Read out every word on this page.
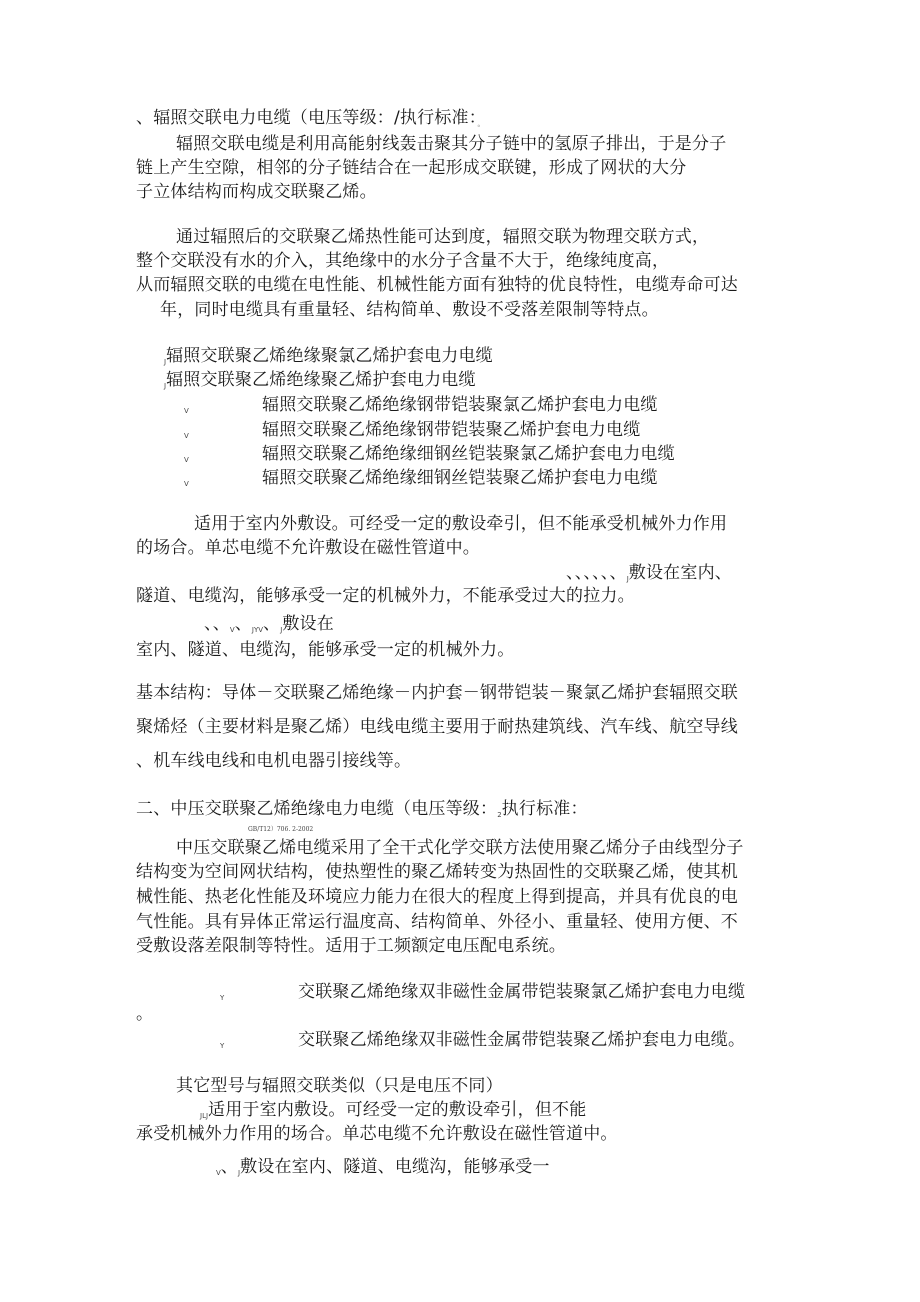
、辐照交联电力电缆（电压等级：/执行标准：。
辐照交联电缆是利用高能射线轰击聚其分子链中的氢原子排出，于是分子
链上产生空隙，相邻的分子链结合在一起形成交联键，形成了网状的大分
子立体结构而构成交联聚乙烯。
通过辐照后的交联聚乙烯热性能可达到度，辐照交联为物理交联方式，
整个交联没有水的介入，其绝缘中的水分子含量不大于，绝缘纯度高，
从而辐照交联的电缆在电性能、机械性能方面有独特的优良特性，电缆寿命可达
年，同时电缆具有重量轻、结构简单、敷设不受落差限制等特点。
J辐照交联聚乙烯绝缘聚氯乙烯护套电力电缆
J辐照交联聚乙烯绝缘聚乙烯护套电力电缆
V	辐照交联聚乙烯绝缘钢带铠装聚氯乙烯护套电力电缆
V	辐照交联聚乙烯绝缘钢带铠装聚乙烯护套电力电缆
V	辐照交联聚乙烯绝缘细钢丝铠装聚氯乙烯护套电力电缆
V	辐照交联聚乙烯绝缘细钢丝铠装聚乙烯护套电力电缆
适用于室内外敷设。可经受一定的敷设牵引，但不能承受机械外力作用
的场合。单芯电缆不允许敷设在磁性管道中。
、、、、、、J敷设在室内、
隧道、电缆沟，能够承受一定的机械外力，不能承受过大的拉力。
、、V、JYV、J敷设在
室内、隧道、电缆沟，能够承受一定的机械外力。
基本结构：导体－交联聚乙烯绝缘－内护套－钢带铠装－聚氯乙烯护套辐照交联
聚烯烃（主要材料是聚乙烯）电线电缆主要用于耐热建筑线、汽车线、航空导线
、机车线电线和电机电器引接线等。
二、中压交联聚乙烯绝缘电力电缆（电压等级：2执行标准：
GB/T12）706. 2-2002
中压交联聚乙烯电缆采用了全干式化学交联方法使用聚乙烯分子由线型分子
结构变为空间网状结构，使热塑性的聚乙烯转变为热固性的交联聚乙烯，使其机
械性能、热老化性能及环境应力能力在很大的程度上得到提高，并具有优良的电
气性能。具有异体正常运行温度高、结构简单、外径小、重量轻、使用方便、不
受敷设落差限制等特性。适用于工频额定电压配电系统。
Y	交联聚乙烯绝缘双非磁性金属带铠装聚氯乙烯护套电力电缆
。
Y	交联聚乙烯绝缘双非磁性金属带铠装聚乙烯护套电力电缆。
其它型号与辐照交联类似（只是电压不同）
JLJ适用于室内敷设。可经受一定的敷设牵引，但不能
承受机械外力作用的场合。单芯电缆不允许敷设在磁性管道中。
V、J敷设在室内、隧道、电缆沟，能够承受一
